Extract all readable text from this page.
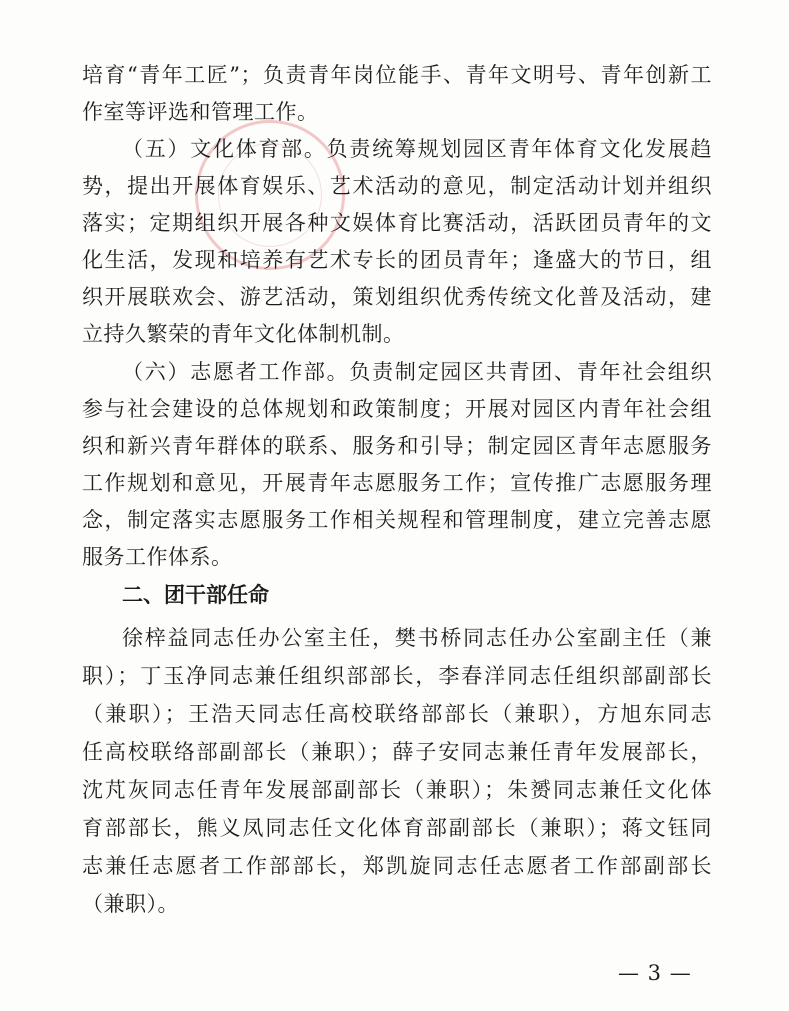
培育“青年工匠”；负责青年岗位能手、青年文明号、青年创新工
作室等评选和管理工作。
（五）文化体育部。负责统筹规划园区青年体育文化发展趋
势，提出开展体育娱乐、艺术活动的意见，制定活动计划并组织
落实；定期组织开展各种文娱体育比赛活动，活跃团员青年的文
化生活，发现和培养有艺术专长的团员青年；逢盛大的节日，组
织开展联欢会、游艺活动，策划组织优秀传统文化普及活动，建
立持久繁荣的青年文化体制机制。
（六）志愿者工作部。负责制定园区共青团、青年社会组织
参与社会建设的总体规划和政策制度；开展对园区内青年社会组
织和新兴青年群体的联系、服务和引导；制定园区青年志愿服务
工作规划和意见，开展青年志愿服务工作；宣传推广志愿服务理
念，制定落实志愿服务工作相关规程和管理制度，建立完善志愿
服务工作体系。
二、团干部任命
徐梓益同志任办公室主任，樊书桥同志任办公室副主任（兼
职）；丁玉净同志兼任组织部部长，李春洋同志任组织部副部长
（兼职）；王浩天同志任高校联络部部长（兼职），方旭东同志
任高校联络部副部长（兼职）；薛子安同志兼任青年发展部长，
沈芃灰同志任青年发展部副部长（兼职）；朱赟同志兼任文化体
育部部长，熊义凤同志任文化体育部副部长（兼职）；蒋文钰同
志兼任志愿者工作部部长，郑凯旋同志任志愿者工作部副部长
（兼职）。
— 3 —
